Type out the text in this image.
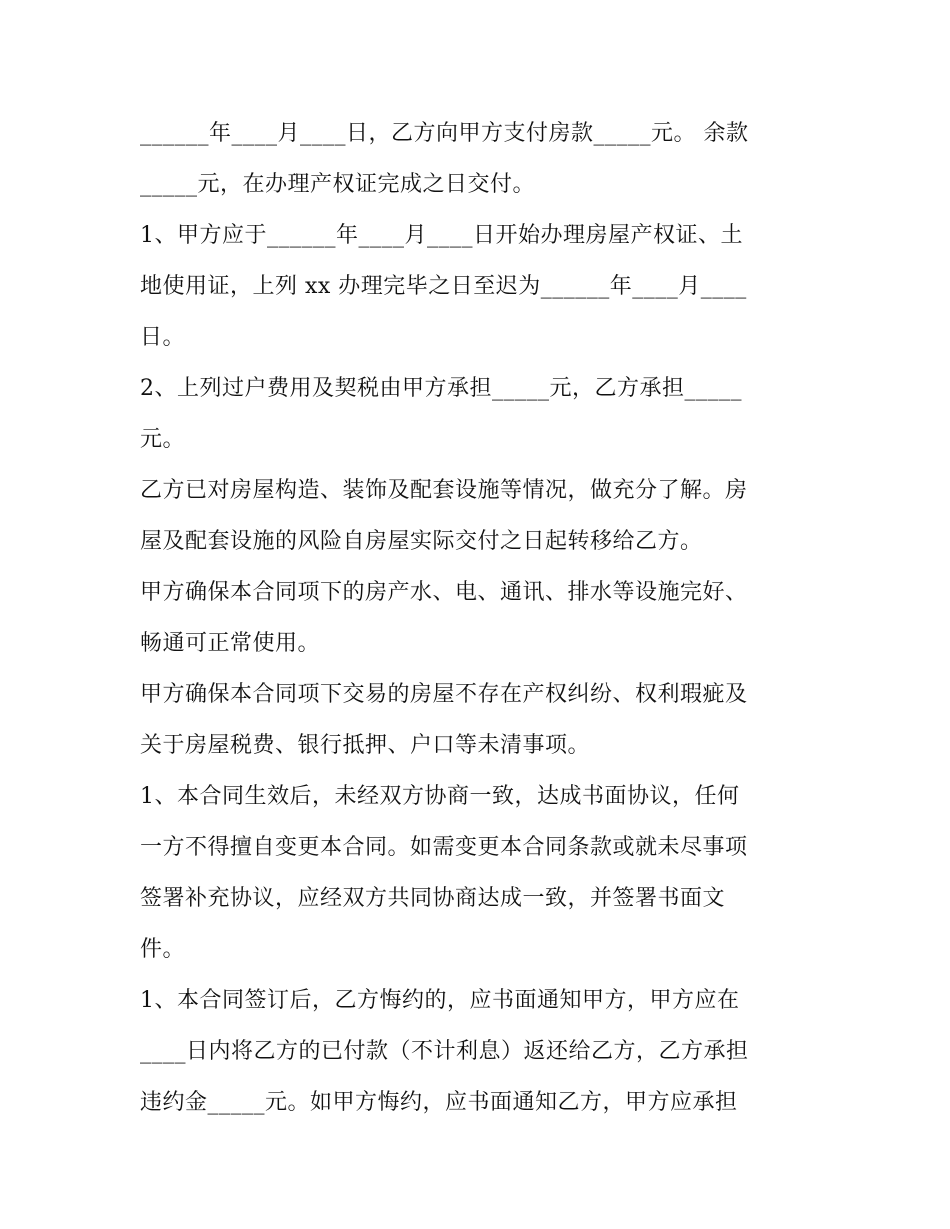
______年____月____日，乙方向甲方支付房款_____元。 余款
_____元，在办理产权证完成之日交付。
1、甲方应于______年____月____日开始办理房屋产权证、土
地使用证，上列 xx 办理完毕之日至迟为______年____月____
日。
2、上列过户费用及契税由甲方承担_____元，乙方承担_____
元。
乙方已对房屋构造、装饰及配套设施等情况，做充分了解。房
屋及配套设施的风险自房屋实际交付之日起转移给乙方。
甲方确保本合同项下的房产水、电、通讯、排水等设施完好、
畅通可正常使用。
甲方确保本合同项下交易的房屋不存在产权纠纷、权利瑕疵及
关于房屋税费、银行抵押、户口等未清事项。
1、本合同生效后，未经双方协商一致，达成书面协议，任何
一方不得擅自变更本合同。如需变更本合同条款或就未尽事项
签署补充协议，应经双方共同协商达成一致，并签署书面文
件。
1、本合同签订后，乙方悔约的，应书面通知甲方，甲方应在
____日内将乙方的已付款（不计利息）返还给乙方，乙方承担
违约金_____元。如甲方悔约，应书面通知乙方，甲方应承担
